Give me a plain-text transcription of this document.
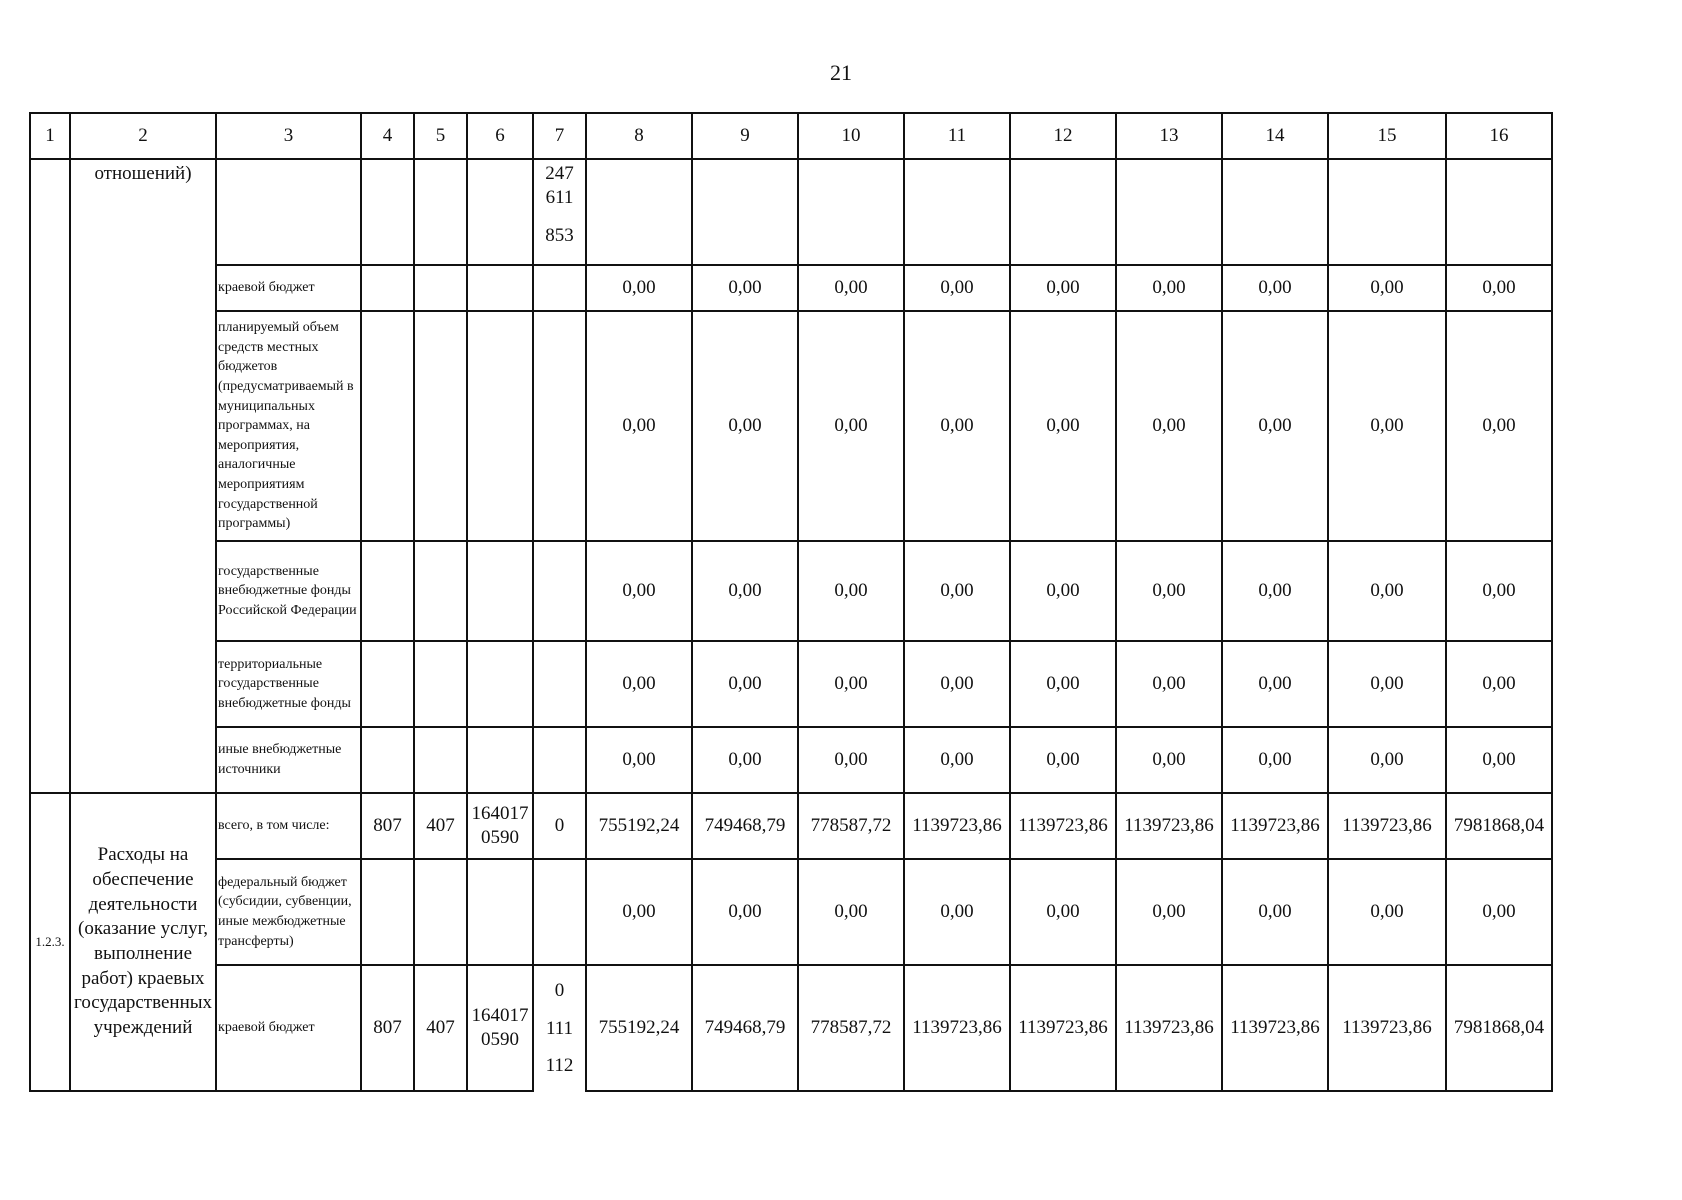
21
1	2	3	4	5	6	7	8	9	10	11	12	13	14	15	16
	отношений)					247
611
853									

		краевой бюджет					0,00	0,00	0,00	0,00	0,00	0,00	0,00	0,00	0,00
		планируемый объем средств местных бюджетов (предусматриваемый в муниципальных программах, на мероприятия, аналогичные мероприятиям государственной программы)					0,00	0,00	0,00	0,00	0,00	0,00	0,00	0,00	0,00
		государственные внебюджетные фонды Российской Федерации					0,00	0,00	0,00	0,00	0,00	0,00	0,00	0,00	0,00
		территориальные государственные внебюджетные фонды					0,00	0,00	0,00	0,00	0,00	0,00	0,00	0,00	0,00
		иные внебюджетные источники					0,00	0,00	0,00	0,00	0,00	0,00	0,00	0,00	0,00
1.2.3.	Расходы на обеспечение деятельности (оказание услуг, выполнение работ) краевых государственных учреждений	всего, в том числе:	807	407	1640170590	0	755192,24	749468,79	778587,72	1139723,86	1139723,86	1139723,86	1139723,86	1139723,86	7981868,04
		федеральный бюджет (субсидии, субвенции, иные межбюджетные трансферты)					0,00	0,00	0,00	0,00	0,00	0,00	0,00	0,00	0,00
		краевой бюджет	807	407	1640170590	0
111
112	755192,24	749468,79	778587,72	1139723,86	1139723,86	1139723,86	1139723,86	1139723,86	7981868,04
